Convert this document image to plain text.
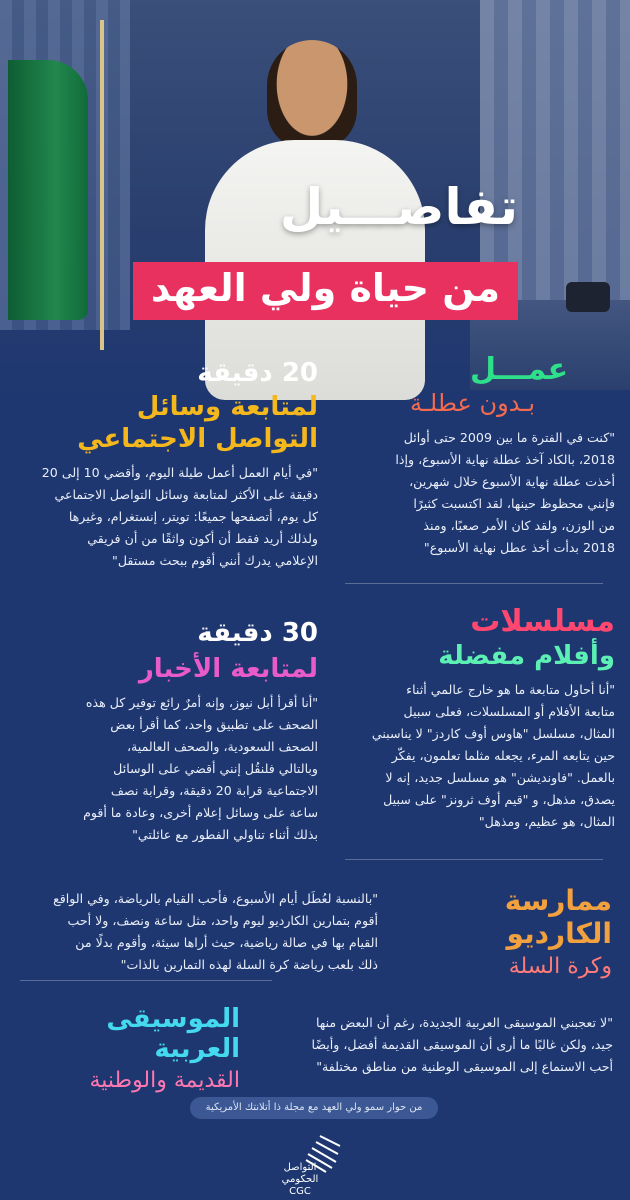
تفاصـــيل
من حياة ولي العهد
20 دقيقة
لمتابعة وسائل
التواصل الاجتماعي
"في أيام العمل أعمل طيلة اليوم، وأقضي 10 إلى 20
دقيقة على الأكثر لمتابعة وسائل التواصل الاجتماعي
كل يوم، أتصفحها جميعًا: تويتر، إنستغرام، وغيرها
ولذلك أريد فقط أن أكون واثقًا من أن فريقي
الإعلامي يدرك أنني أقوم ببحث مستقل"
عمـــل
بـدون عطلـة
"كنت في الفترة ما بين 2009 حتى أوائل
2018، بالكاد آخذ عطلة نهاية الأسبوع، وإذا
أخذت عطلة نهاية الأسبوع خلال شهرين،
فإنني محظوظ حينها، لقد اكتسبت كثيرًا
من الوزن، ولقد كان الأمر صعبًا، ومنذ
2018 بدأت أخذ عطل نهاية الأسبوع"
30 دقيقة
لمتابعة الأخبار
"أنا أقرأ أبل نيوز، وإنه أمرٌ رائع توفير كل هذه
الصحف على تطبيق واحد، كما أقرأ بعض
الصحف السعودية، والصحف العالمية،
وبالتالي فلنقُل إنني أقضي على الوسائل
الاجتماعية قرابة 20 دقيقة، وقرابة نصف
ساعة على وسائل إعلام أخرى، وعادة ما أقوم
بذلك أثناء تناولي الفطور مع عائلتي"
مسلسلات
وأفلام مفضلة
"أنا أحاول متابعة ما هو خارج عالمي أثناء
متابعة الأفلام أو المسلسلات، فعلى سبيل
المثال، مسلسل "هاوس أوف كاردز" لا يناسبني
حين يتابعه المرء، يجعله مثلما تعلمون، يفكّر
بالعمل. "فاونديشن" هو مسلسل جديد، إنه لا
يصدق، مذهل، و "قيم أوف ثرونز" على سبيل
المثال، هو عظيم، ومذهل"
ممارسة الكارديو
وكرة السلة
"بالنسبة لعُطَل أيام الأسبوع، فأحب القيام بالرياضة، وفي الواقع
أقوم بتمارين الكارديو ليوم واحد، مثل ساعة ونصف، ولا أحب
القيام بها في صالة رياضية، حيث أراها سيئة، وأقوم بدلًا من
ذلك بلعب رياضة كرة السلة لهذه التمارين بالذات"
الموسيقى العربية
القديمة والوطنية
"لا تعجبني الموسيقى العربية الجديدة، رغم أن البعض منها
جيد، ولكن غالبًا ما أرى أن الموسيقى القديمة أفضل، وأيضًا
أحب الاستماع إلى الموسيقى الوطنية من مناطق مختلفة"
من حوار سمو ولي العهد مع مجلة ذا أتلانتك الأمريكية
التواصل
الحكومي
CGC
